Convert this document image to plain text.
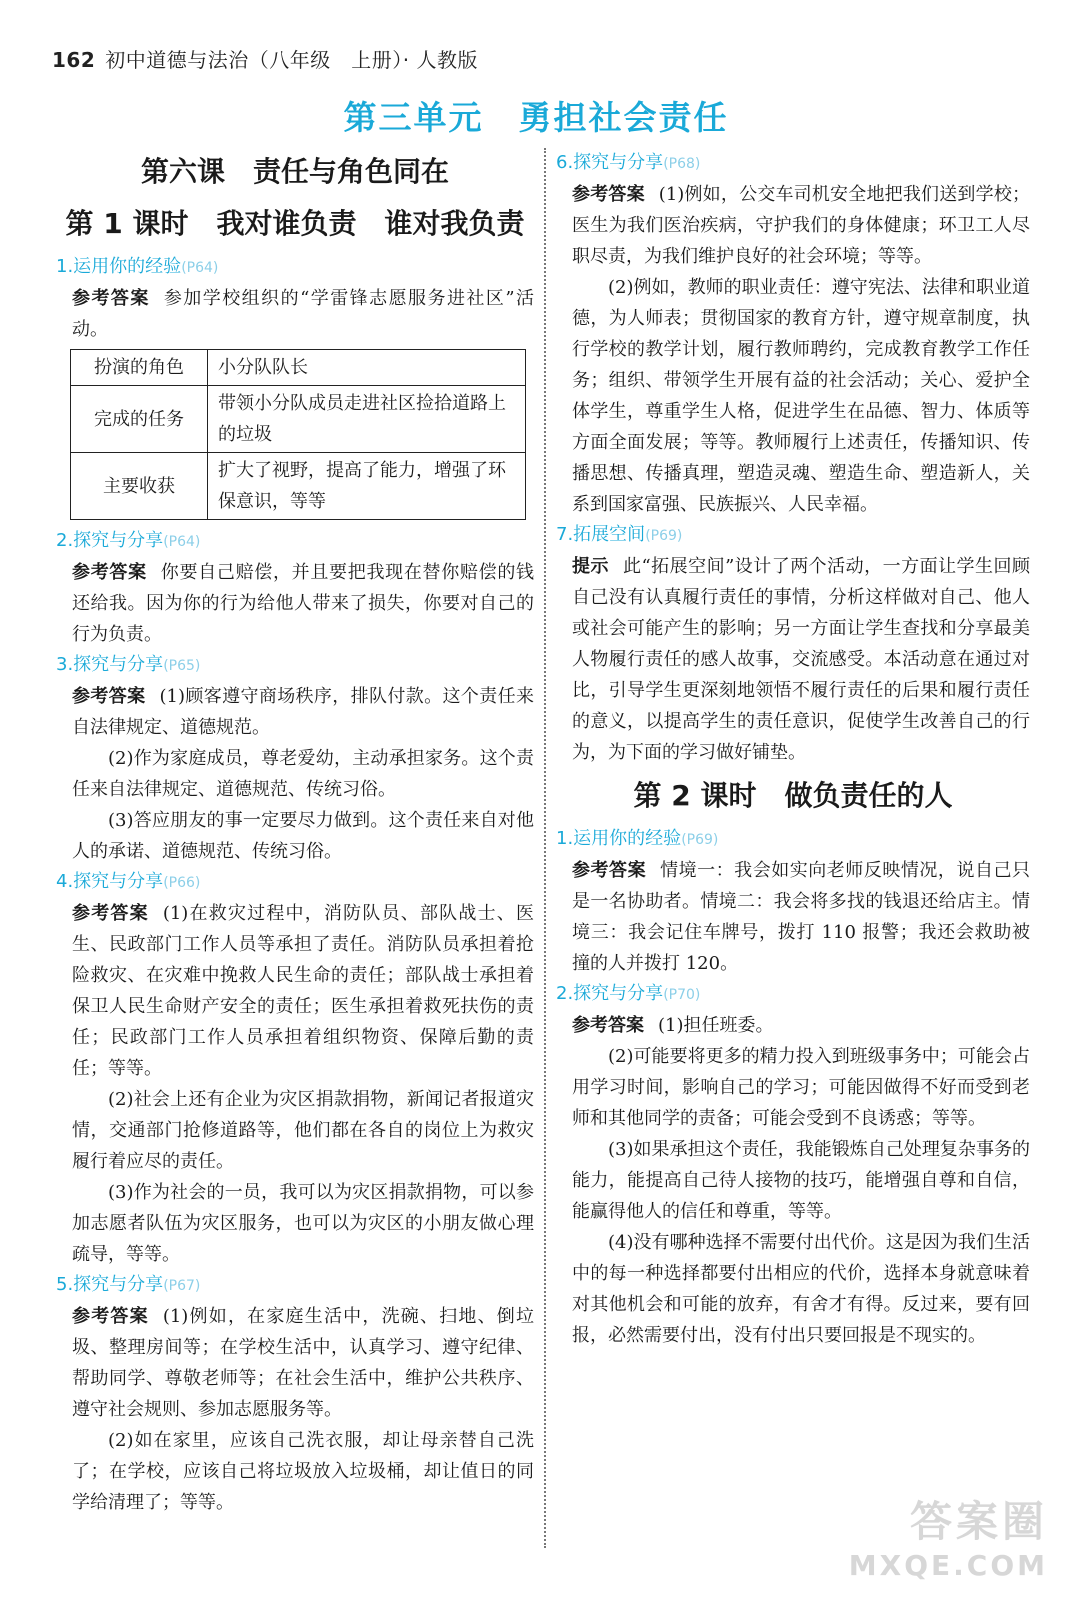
162 初中道德与法治（八年级　上册）· 人教版
第三单元　勇担社会责任

第六课　责任与角色同在

第 1 课时　我对谁负责　谁对我负责

1.运用你的经验(P64)

参考答案 参加学校组织的“学雷锋志愿服务进社区”活动。

扮演的角色	小分队队长
完成的任务	带领小分队成员走进社区捡拾道路上的垃圾
主要收获	扩大了视野，提高了能力，增强了环保意识，等等

2.探究与分享(P64)

参考答案 你要自己赔偿，并且要把我现在替你赔偿的钱还给我。因为你的行为给他人带来了损失，你要对自己的行为负责。

3.探究与分享(P65)

参考答案 (1)顾客遵守商场秩序，排队付款。这个责任来自法律规定、道德规范。

(2)作为家庭成员，尊老爱幼，主动承担家务。这个责任来自法律规定、道德规范、传统习俗。

(3)答应朋友的事一定要尽力做到。这个责任来自对他人的承诺、道德规范、传统习俗。

4.探究与分享(P66)

参考答案 (1)在救灾过程中，消防队员、部队战士、医生、民政部门工作人员等承担了责任。消防队员承担着抢险救灾、在灾难中挽救人民生命的责任；部队战士承担着保卫人民生命财产安全的责任；医生承担着救死扶伤的责任；民政部门工作人员承担着组织物资、保障后勤的责任；等等。

(2)社会上还有企业为灾区捐款捐物，新闻记者报道灾情，交通部门抢修道路等，他们都在各自的岗位上为救灾履行着应尽的责任。

(3)作为社会的一员，我可以为灾区捐款捐物，可以参加志愿者队伍为灾区服务，也可以为灾区的小朋友做心理疏导，等等。

5.探究与分享(P67)

参考答案 (1)例如，在家庭生活中，洗碗、扫地、倒垃圾、整理房间等；在学校生活中，认真学习、遵守纪律、帮助同学、尊敬老师等；在社会生活中，维护公共秩序、遵守社会规则、参加志愿服务等。

(2)如在家里，应该自己洗衣服，却让母亲替自己洗了；在学校，应该自己将垃圾放入垃圾桶，却让值日的同学给清理了；等等。

6.探究与分享(P68)

参考答案 (1)例如，公交车司机安全地把我们送到学校；医生为我们医治疾病，守护我们的身体健康；环卫工人尽职尽责，为我们维护良好的社会环境；等等。

(2)例如，教师的职业责任：遵守宪法、法律和职业道德，为人师表；贯彻国家的教育方针，遵守规章制度，执行学校的教学计划，履行教师聘约，完成教育教学工作任务；组织、带领学生开展有益的社会活动；关心、爱护全体学生，尊重学生人格，促进学生在品德、智力、体质等方面全面发展；等等。教师履行上述责任，传播知识、传播思想、传播真理，塑造灵魂、塑造生命、塑造新人，关系到国家富强、民族振兴、人民幸福。

7.拓展空间(P69)

提示 此“拓展空间”设计了两个活动，一方面让学生回顾自己没有认真履行责任的事情，分析这样做对自己、他人或社会可能产生的影响；另一方面让学生查找和分享最美人物履行责任的感人故事，交流感受。本活动意在通过对比，引导学生更深刻地领悟不履行责任的后果和履行责任的意义，以提高学生的责任意识，促使学生改善自己的行为，为下面的学习做好铺垫。

第 2 课时　做负责任的人

1.运用你的经验(P69)

参考答案 情境一：我会如实向老师反映情况，说自己只是一名协助者。情境二：我会将多找的钱退还给店主。情境三：我会记住车牌号，拨打 110 报警；我还会救助被撞的人并拨打 120。

2.探究与分享(P70)

参考答案 (1)担任班委。

(2)可能要将更多的精力投入到班级事务中；可能会占用学习时间，影响自己的学习；可能因做得不好而受到老师和其他同学的责备；可能会受到不良诱惑；等等。

(3)如果承担这个责任，我能锻炼自己处理复杂事务的能力，能提高自己待人接物的技巧，能增强自尊和自信，能赢得他人的信任和尊重，等等。

(4)没有哪种选择不需要付出代价。这是因为我们生活中的每一种选择都要付出相应的代价，选择本身就意味着对其他机会和可能的放弃，有舍才有得。反过来，要有回报，必然需要付出，没有付出只要回报是不现实的。

答案圈
MXQE.COM
